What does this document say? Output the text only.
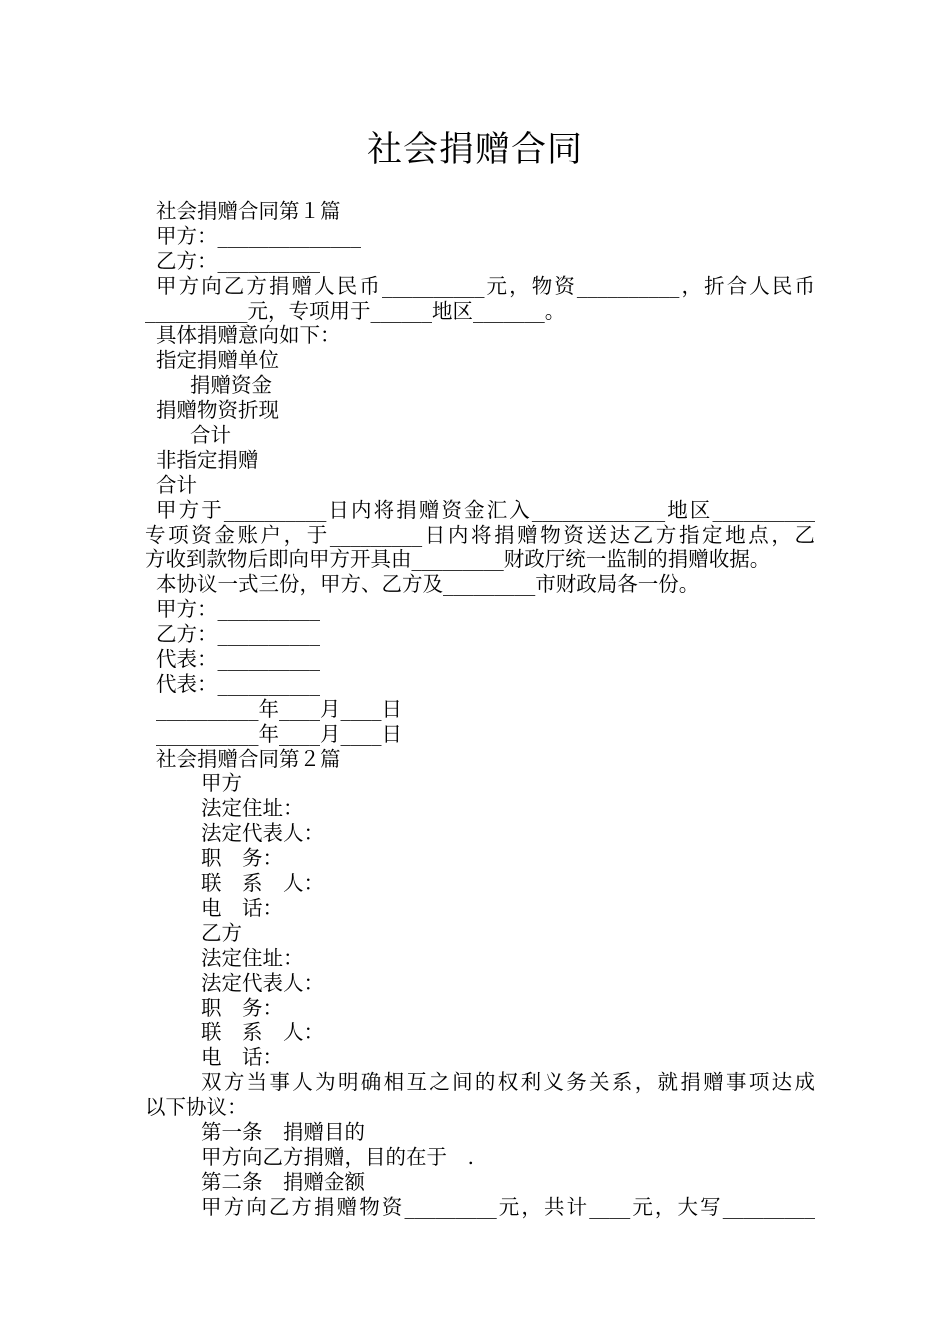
社会捐赠合同
社会捐赠合同第１篇
甲方：______________
乙方：__________
甲方向乙方捐赠人民币__________元，物资__________，折合人民币
__________元，专项用于______地区_______。
具体捐赠意向如下：
指定捐赠单位
捐赠资金
捐赠物资折现
合计
非指定捐赠
合计
甲方于__________日内将捐赠资金汇入_____________地区__________
专项资金账户，于_________日内将捐赠物资送达乙方指定地点，乙
方收到款物后即向甲方开具由_________财政厅统一监制的捐赠收据。
本协议一式三份，甲方、乙方及_________市财政局各一份。
甲方：__________
乙方：__________
代表：__________
代表：__________
__________年____月____日
__________年____月____日
社会捐赠合同第２篇
甲方
法定住址：
法定代表人：
职　务：
联　系　人：
电　话：
乙方
法定住址：
法定代表人：
职　务：
联　系　人：
电　话：
双方当事人为明确相互之间的权利义务关系，就捐赠事项达成
以下协议：
第一条　捐赠目的
甲方向乙方捐赠，目的在于　.
第二条　捐赠金额
甲方向乙方捐赠物资_________元，共计____元，大写_________
